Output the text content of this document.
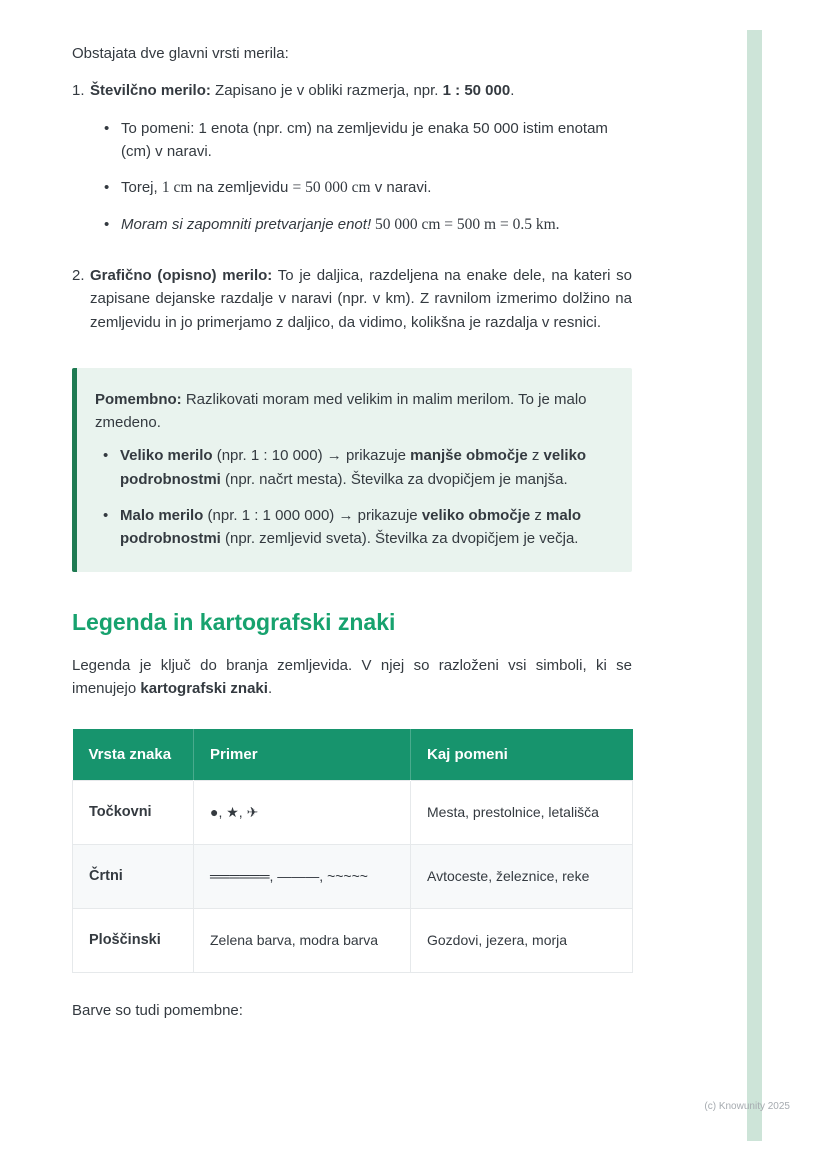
Obstajata dve glavni vrsti merila:

1. Številčno merilo: Zapisano je v obliki razmerja, npr. 1 : 50 000.

• To pomeni: 1 enota (npr. cm) na zemljevidu je enaka 50 000 istim enotam (cm) v naravi.
• Torej, 1 cm na zemljevidu = 50 000 cm v naravi.
• Moram si zapomniti pretvarjanje enot! 50 000 cm = 500 m = 0.5 km.
2. Grafično (opisno) merilo: To je daljica, razdeljena na enake dele, na kateri so zapisane dejanske razdalje v naravi (npr. v km). Z ravnilom izmerimo dolžino na zemljevidu in jo primerjamo z daljico, da vidimo, kolikšna je razdalja v resnici.

Pomembno: Razlikovati moram med velikim in malim merilom. To je malo zmedeno.

• Veliko merilo (npr. 1 : 10 000) → prikazuje manjše območje z veliko podrobnostmi (npr. načrt mesta). Številka za dvopičjem je manjša.
• Malo merilo (npr. 1 : 1 000 000) → prikazuje veliko območje z malo podrobnostmi (npr. zemljevid sveta). Številka za dvopičjem je večja.
Legenda in kartografski znaki

Legenda je ključ do branja zemljevida. V njej so razloženi vsi simboli, ki se imenujejo kartografski znaki.

Vrsta znaka	Primer	Kaj pomeni
Točkovni	●, ★, ✈	Mesta, prestolnice, letališča
Črtni	══════, ———, ~~~~~	Avtoceste, železnice, reke
Ploščinski	Zelena barva, modra barva	Gozdovi, jezera, morja

Barve so tudi pomembne:

(c) Knowunity 2025
